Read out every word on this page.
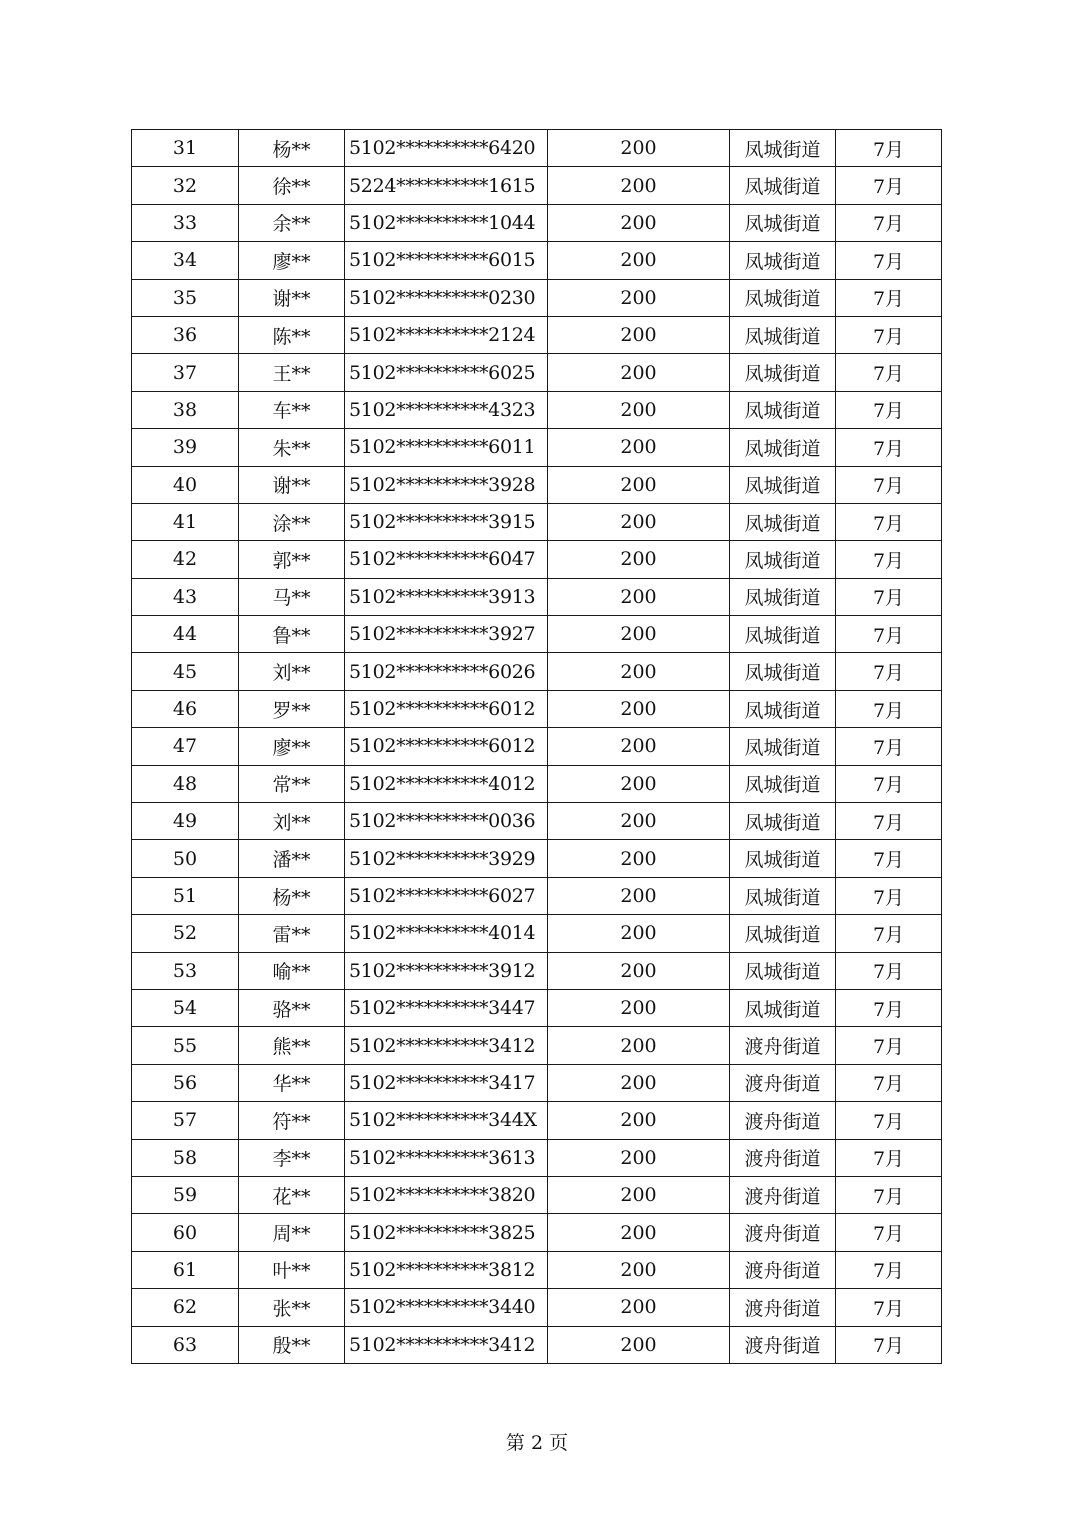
31	杨**	5102**********6420	200	凤城街道	7月
32	徐**	5224**********1615	200	凤城街道	7月
33	余**	5102**********1044	200	凤城街道	7月
34	廖**	5102**********6015	200	凤城街道	7月
35	谢**	5102**********0230	200	凤城街道	7月
36	陈**	5102**********2124	200	凤城街道	7月
37	王**	5102**********6025	200	凤城街道	7月
38	车**	5102**********4323	200	凤城街道	7月
39	朱**	5102**********6011	200	凤城街道	7月
40	谢**	5102**********3928	200	凤城街道	7月
41	涂**	5102**********3915	200	凤城街道	7月
42	郭**	5102**********6047	200	凤城街道	7月
43	马**	5102**********3913	200	凤城街道	7月
44	鲁**	5102**********3927	200	凤城街道	7月
45	刘**	5102**********6026	200	凤城街道	7月
46	罗**	5102**********6012	200	凤城街道	7月
47	廖**	5102**********6012	200	凤城街道	7月
48	常**	5102**********4012	200	凤城街道	7月
49	刘**	5102**********0036	200	凤城街道	7月
50	潘**	5102**********3929	200	凤城街道	7月
51	杨**	5102**********6027	200	凤城街道	7月
52	雷**	5102**********4014	200	凤城街道	7月
53	喻**	5102**********3912	200	凤城街道	7月
54	骆**	5102**********3447	200	凤城街道	7月
55	熊**	5102**********3412	200	渡舟街道	7月
56	华**	5102**********3417	200	渡舟街道	7月
57	符**	5102**********344X	200	渡舟街道	7月
58	李**	5102**********3613	200	渡舟街道	7月
59	花**	5102**********3820	200	渡舟街道	7月
60	周**	5102**********3825	200	渡舟街道	7月
61	叶**	5102**********3812	200	渡舟街道	7月
62	张**	5102**********3440	200	渡舟街道	7月
63	殷**	5102**********3412	200	渡舟街道	7月
第 2 页
